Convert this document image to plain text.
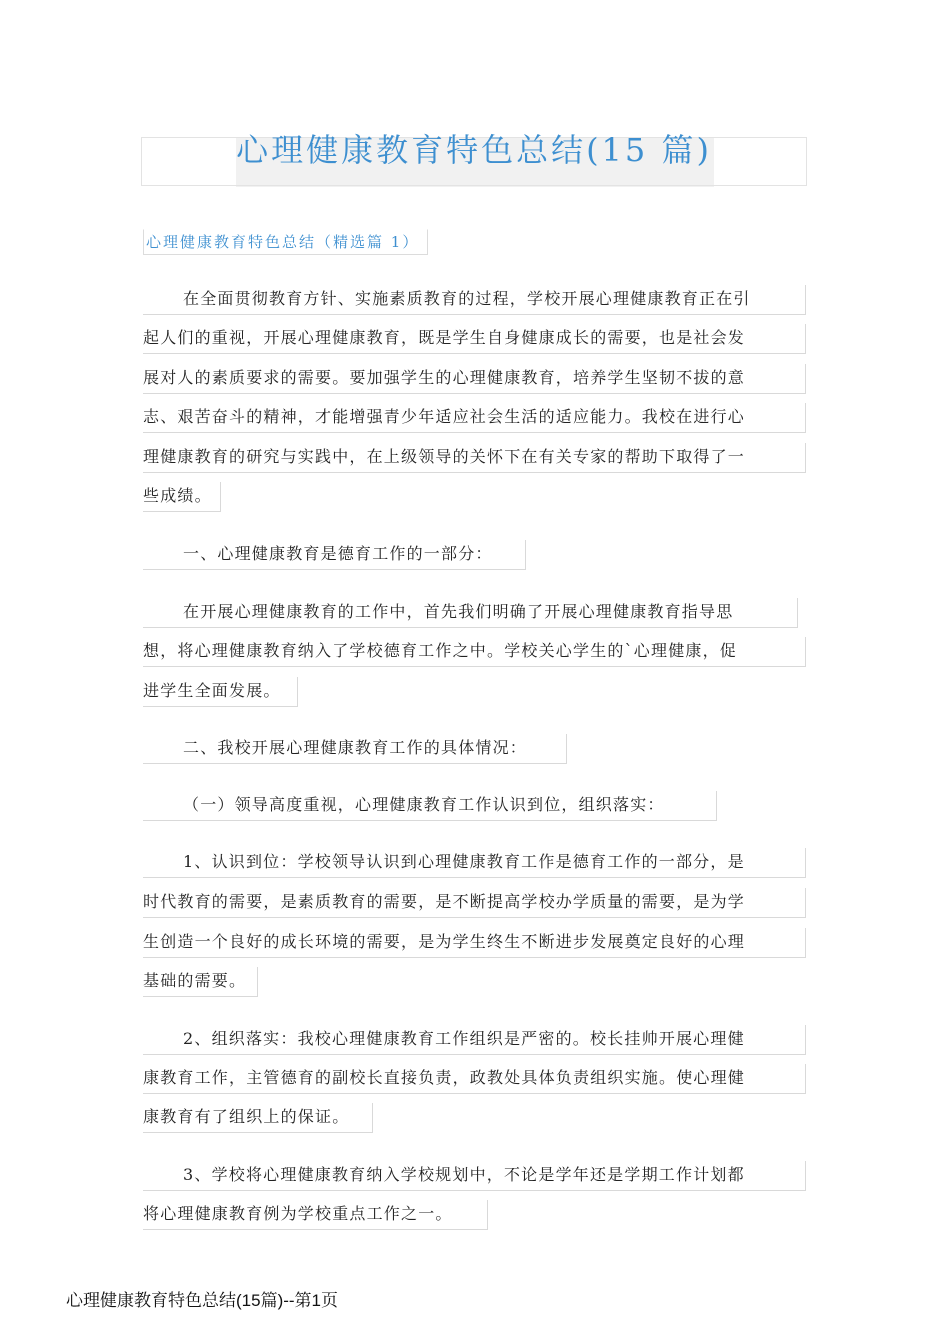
心理健康教育特色总结(15 篇)
心理健康教育特色总结（精选篇 1）
在全面贯彻教育方针、实施素质教育的过程，学校开展心理健康教育正在引
起人们的重视，开展心理健康教育，既是学生自身健康成长的需要，也是社会发
展对人的素质要求的需要。要加强学生的心理健康教育，培养学生坚韧不拔的意
志、艰苦奋斗的精神，才能增强青少年适应社会生活的适应能力。我校在进行心
理健康教育的研究与实践中，在上级领导的关怀下在有关专家的帮助下取得了一
些成绩。
一、心理健康教育是德育工作的一部分：
在开展心理健康教育的工作中，首先我们明确了开展心理健康教育指导思
想，将心理健康教育纳入了学校德育工作之中。学校关心学生的`心理健康，促
进学生全面发展。
二、我校开展心理健康教育工作的具体情况：
（一）领导高度重视，心理健康教育工作认识到位，组织落实：
1、认识到位：学校领导认识到心理健康教育工作是德育工作的一部分，是
时代教育的需要，是素质教育的需要，是不断提高学校办学质量的需要，是为学
生创造一个良好的成长环境的需要，是为学生终生不断进步发展奠定良好的心理
基础的需要。
2、组织落实：我校心理健康教育工作组织是严密的。校长挂帅开展心理健
康教育工作，主管德育的副校长直接负责，政教处具体负责组织实施。使心理健
康教育有了组织上的保证。
3、学校将心理健康教育纳入学校规划中，不论是学年还是学期工作计划都
将心理健康教育例为学校重点工作之一。
心理健康教育特色总结(15篇)--第1页
